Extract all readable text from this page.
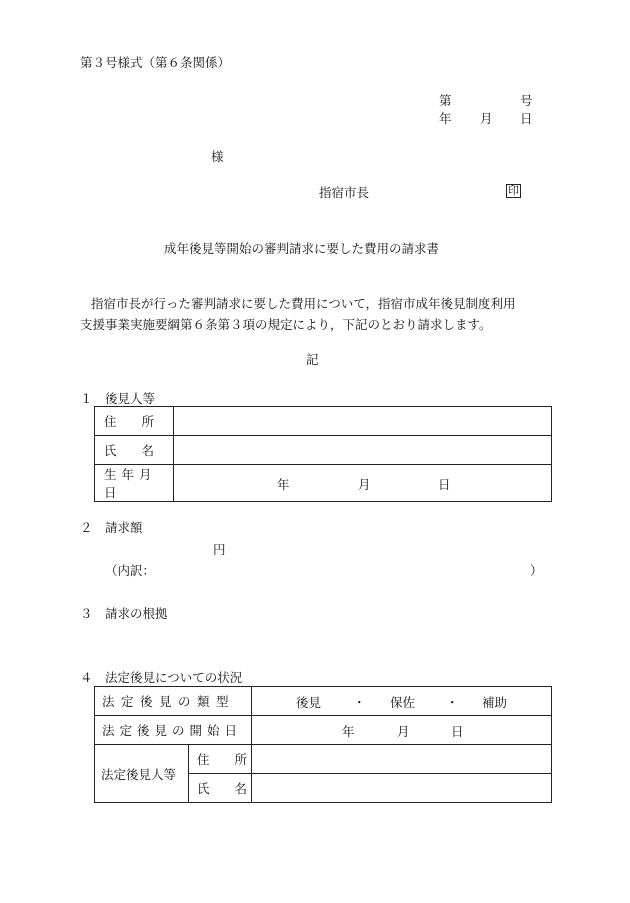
第３号様式（第６条関係）
第	号
年 月 日
様
指宿市長	印
成年後見等開始の審判請求に要した費用の請求書
指宿市長が行った審判請求に要した費用について，指宿市成年後見制度利用
支援事業実施要綱第６条第３項の規定により，下記のとおり請求します。
記
１　後見人等
住　　所	

氏　　名	

生年月日	年 月 日
２　請求額
円
（内訳：	）
３　請求の根拠
４　法定後見についての状況
法定後見の類型		後見 ・ 保佐 ・ 補助

法定後見の開始日		年 月 日

法定後見人等	住　　所	

	氏　　名	
